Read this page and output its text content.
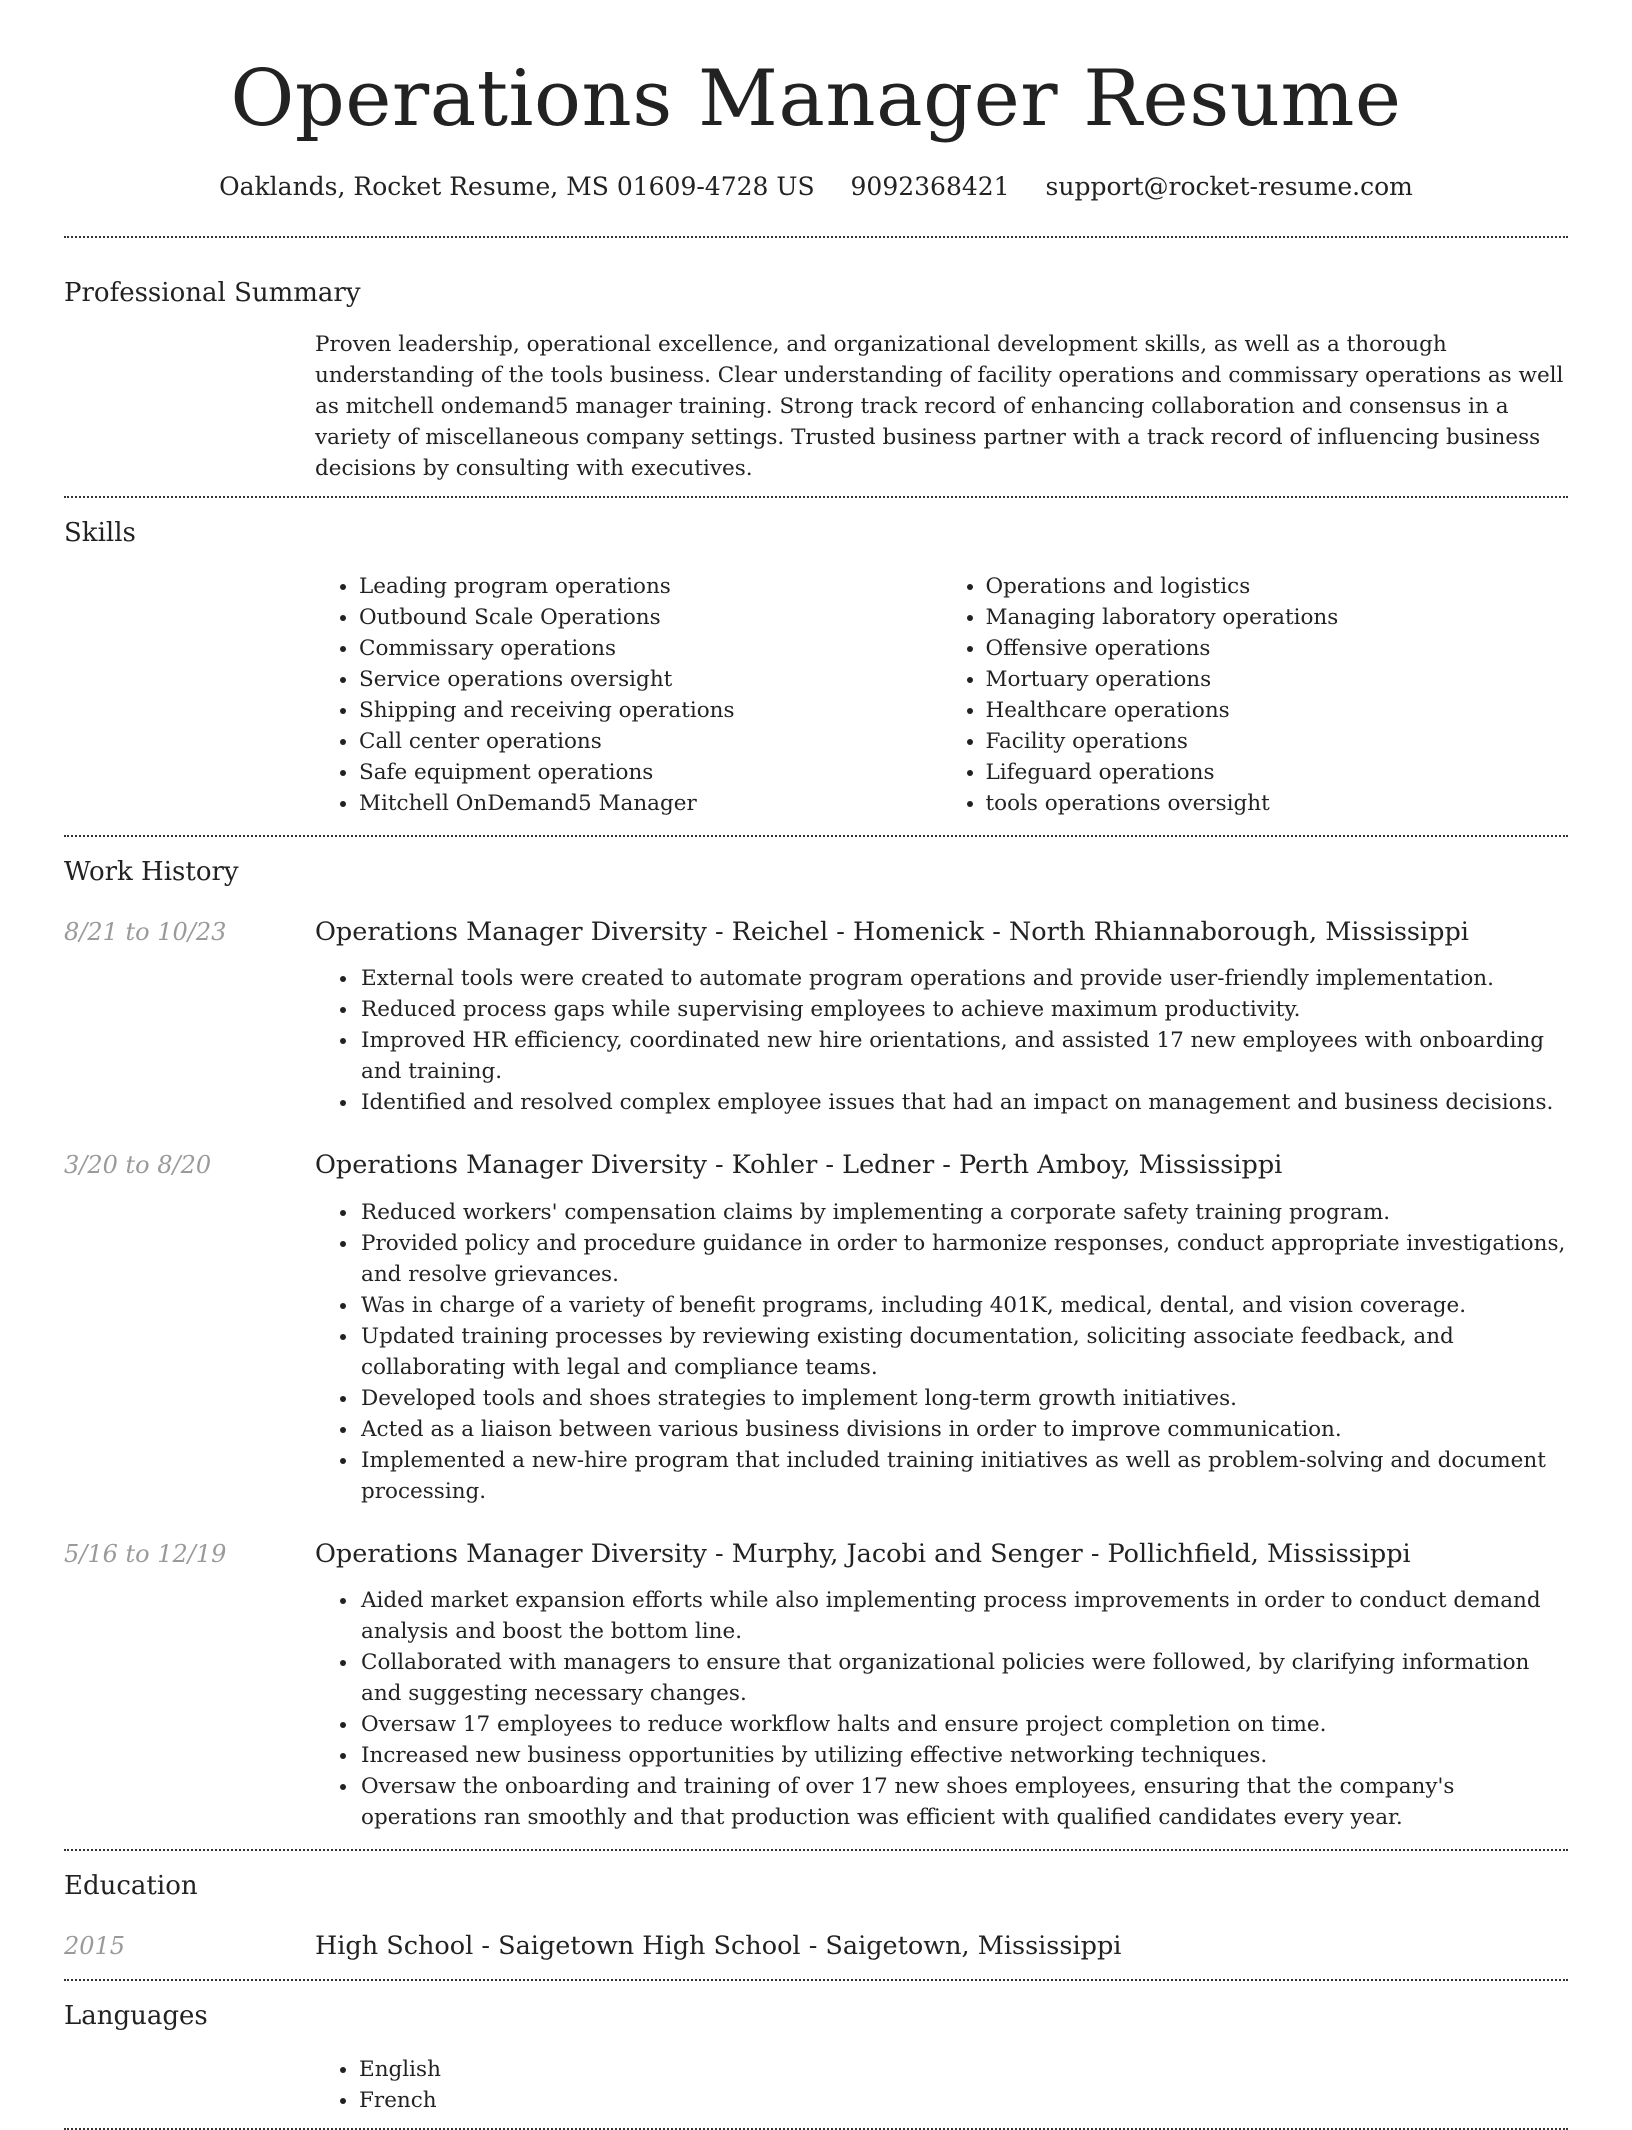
Operations Manager Resume
Oaklands, Rocket Resume, MS 01609-4728 US 9092368421 support@rocket-resume.com
Professional Summary
Proven leadership, operational excellence, and organizational development skills, as well as a thorough understanding of the tools business. Clear understanding of facility operations and commissary operations as well as mitchell ondemand5 manager training. Strong track record of enhancing collaboration and consensus in a variety of miscellaneous company settings. Trusted business partner with a track record of influencing business decisions by consulting with executives.
Skills
• Leading program operations
• Outbound Scale Operations
• Commissary operations
• Service operations oversight
• Shipping and receiving operations
• Call center operations
• Safe equipment operations
• Mitchell OnDemand5 Manager
• Operations and logistics
• Managing laboratory operations
• Offensive operations
• Mortuary operations
• Healthcare operations
• Facility operations
• Lifeguard operations
• tools operations oversight
Work History
8/21 to 10/23	Operations Manager Diversity - Reichel - Homenick - North Rhiannaborough, Mississippi
• External tools were created to automate program operations and provide user-friendly implementation.
• Reduced process gaps while supervising employees to achieve maximum productivity.
• Improved HR efficiency, coordinated new hire orientations, and assisted 17 new employees with onboarding and training.
• Identified and resolved complex employee issues that had an impact on management and business decisions.
3/20 to 8/20	Operations Manager Diversity - Kohler - Ledner - Perth Amboy, Mississippi
• Reduced workers' compensation claims by implementing a corporate safety training program.
• Provided policy and procedure guidance in order to harmonize responses, conduct appropriate investigations, and resolve grievances.
• Was in charge of a variety of benefit programs, including 401K, medical, dental, and vision coverage.
• Updated training processes by reviewing existing documentation, soliciting associate feedback, and collaborating with legal and compliance teams.
• Developed tools and shoes strategies to implement long-term growth initiatives.
• Acted as a liaison between various business divisions in order to improve communication.
• Implemented a new-hire program that included training initiatives as well as problem-solving and document processing.
5/16 to 12/19	Operations Manager Diversity - Murphy, Jacobi and Senger - Pollichfield, Mississippi
• Aided market expansion efforts while also implementing process improvements in order to conduct demand analysis and boost the bottom line.
• Collaborated with managers to ensure that organizational policies were followed, by clarifying information and suggesting necessary changes.
• Oversaw 17 employees to reduce workflow halts and ensure project completion on time.
• Increased new business opportunities by utilizing effective networking techniques.
• Oversaw the onboarding and training of over 17 new shoes employees, ensuring that the company's operations ran smoothly and that production was efficient with qualified candidates every year.
Education
2015	High School - Saigetown High School - Saigetown, Mississippi
Languages
• English
• French
